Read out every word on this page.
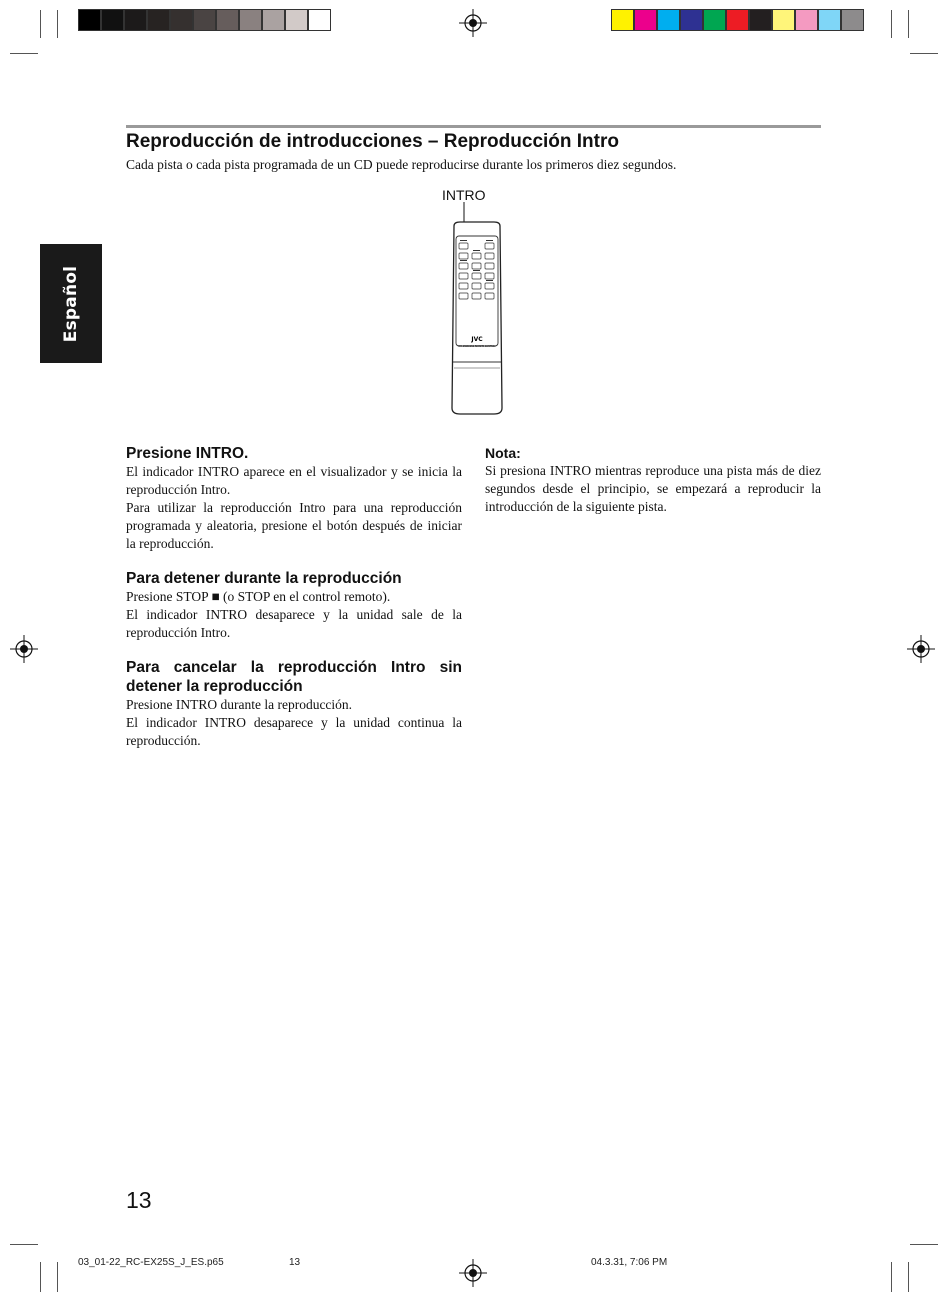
Español
Reproducción de introducciones – Reproducción Intro

Cada pista o cada pista programada de un CD puede reproducirse durante los primeros diez segundos.

INTRO
JVC
RM-SRCEX25S REMOTE CONTROL
Presione INTRO.

El indicador INTRO aparece en el visualizador y se inicia la reproducción Intro.

Para utilizar la reproducción Intro para una reproducción programada y aleatoria, presione el botón después de iniciar la reproducción.

Para detener durante la reproducción

Presione STOP ■ (o STOP en el control remoto).

El indicador INTRO desaparece y la unidad sale de la reproducción Intro.

Para cancelar la reproducción Intro sin detener la reproducción

Presione INTRO durante la reproducción.

El indicador INTRO desaparece y la unidad continua la reproducción.

Nota:

Si presiona INTRO mientras reproduce una pista más de diez segundos desde el principio, se empezará a reproducir la introducción de la siguiente pista.

13
03_01-22_RC-EX25S_J_ES.p65	13	04.3.31, 7:06 PM
